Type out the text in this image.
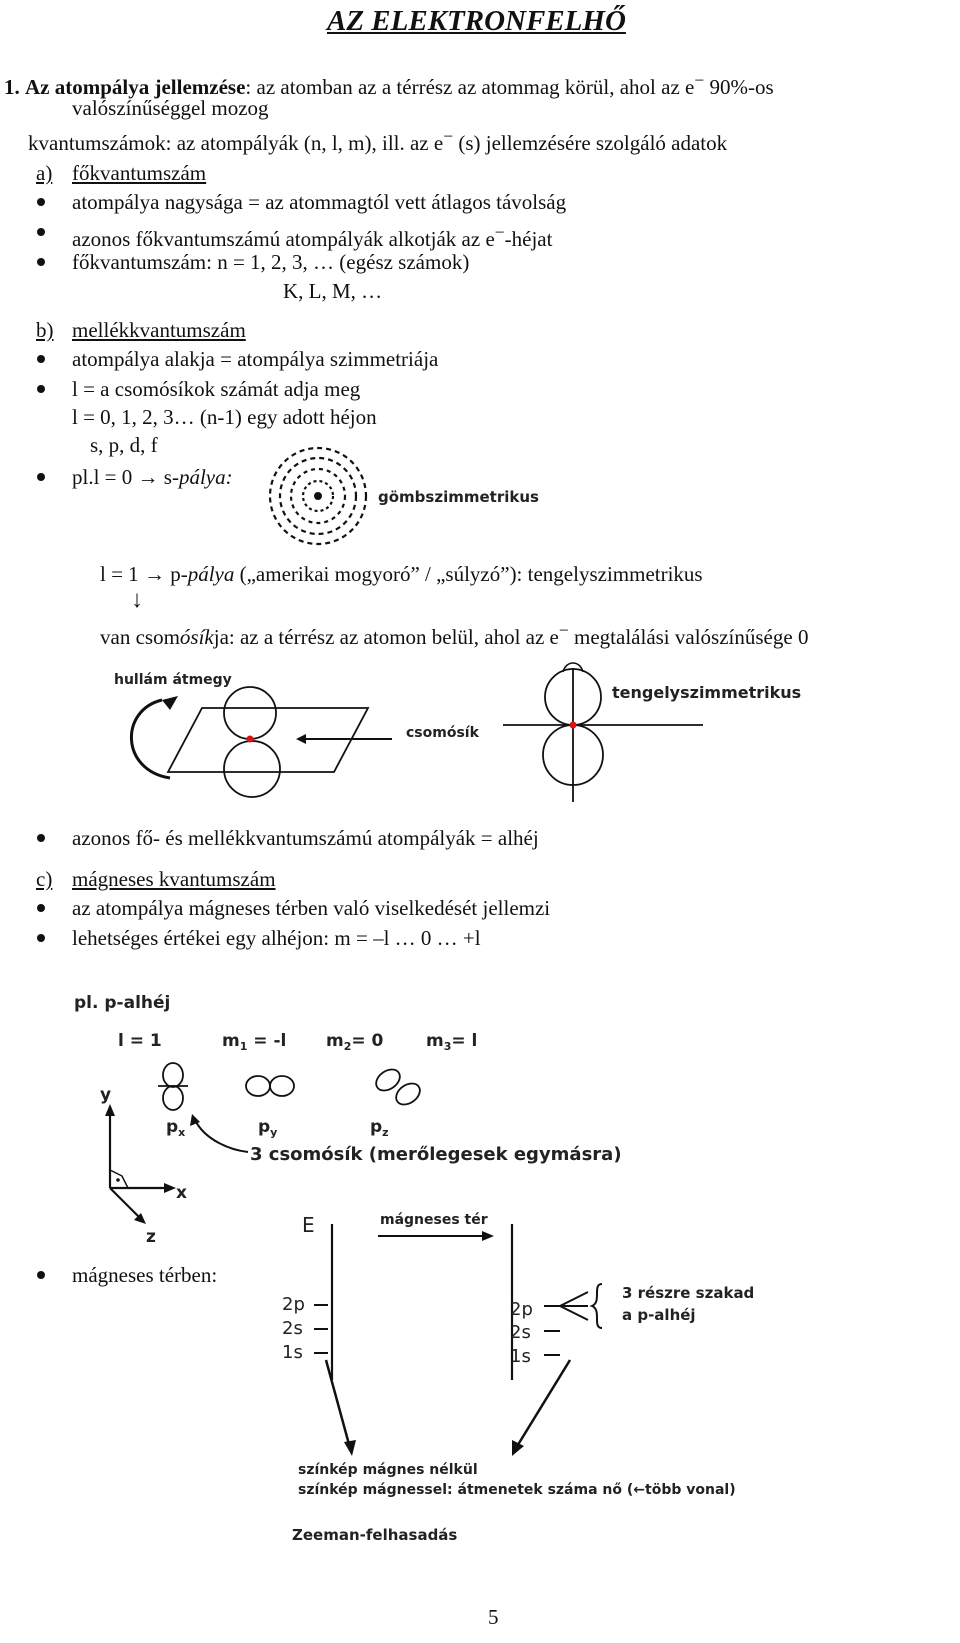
AZ ELEKTRONFELHŐ
1. Az atompálya jellemzése: az atomban az a térrész az atommag körül, ahol az e− 90%-os
valószínűséggel mozog
kvantumszámok: az atompályák (n, l, m), ill. az e− (s) jellemzésére szolgáló adatok
a) főkvantumszám
atompálya nagysága = az atommagtól vett átlagos távolság
azonos főkvantumszámú atompályák alkotják az e−-héjat
főkvantumszám: n = 1, 2, 3, … (egész számok)
K, L, M, …
b) mellékkvantumszám
atompálya alakja = atompálya szimmetriája
l = a csomósíkok számát adja meg
l = 0, 1, 2, 3… (n-1) egy adott héjon
s, p, d, f
pl.l = 0 → s-pálya:
gömbszimmetrikus
l = 1 → p-pálya („amerikai mogyoró” / „súlyzó”): tengelyszimmetrikus
↓
van csomósíkja: az a térrész az atomon belül, ahol az e− megtalálási valószínűsége 0
hullám átmegy
csomósík
tengelyszimmetrikus
azonos fő- és mellékkvantumszámú atompályák = alhéj
c) mágneses kvantumszám
az atompálya mágneses térben való viselkedését jellemzi
lehetséges értékei egy alhéjon: m = –l … 0 … +l
pl. p-alhéj
l = 1	$m_1 = -l$ $m_2= 0$	$m_3= l$
$p_x$	$p_y$	$p_z$
3 csomósík (merőlegesek egymásra)
y
x
z
mágneses térben:
E	mágneses tér
2p
2s
1s
2p
2s
1s
3 részre szakad
a p-alhéj
színkép mágnes nélkül
színkép mágnessel: átmenetek száma nő (←több vonal)
Zeeman-felhasadás
5
